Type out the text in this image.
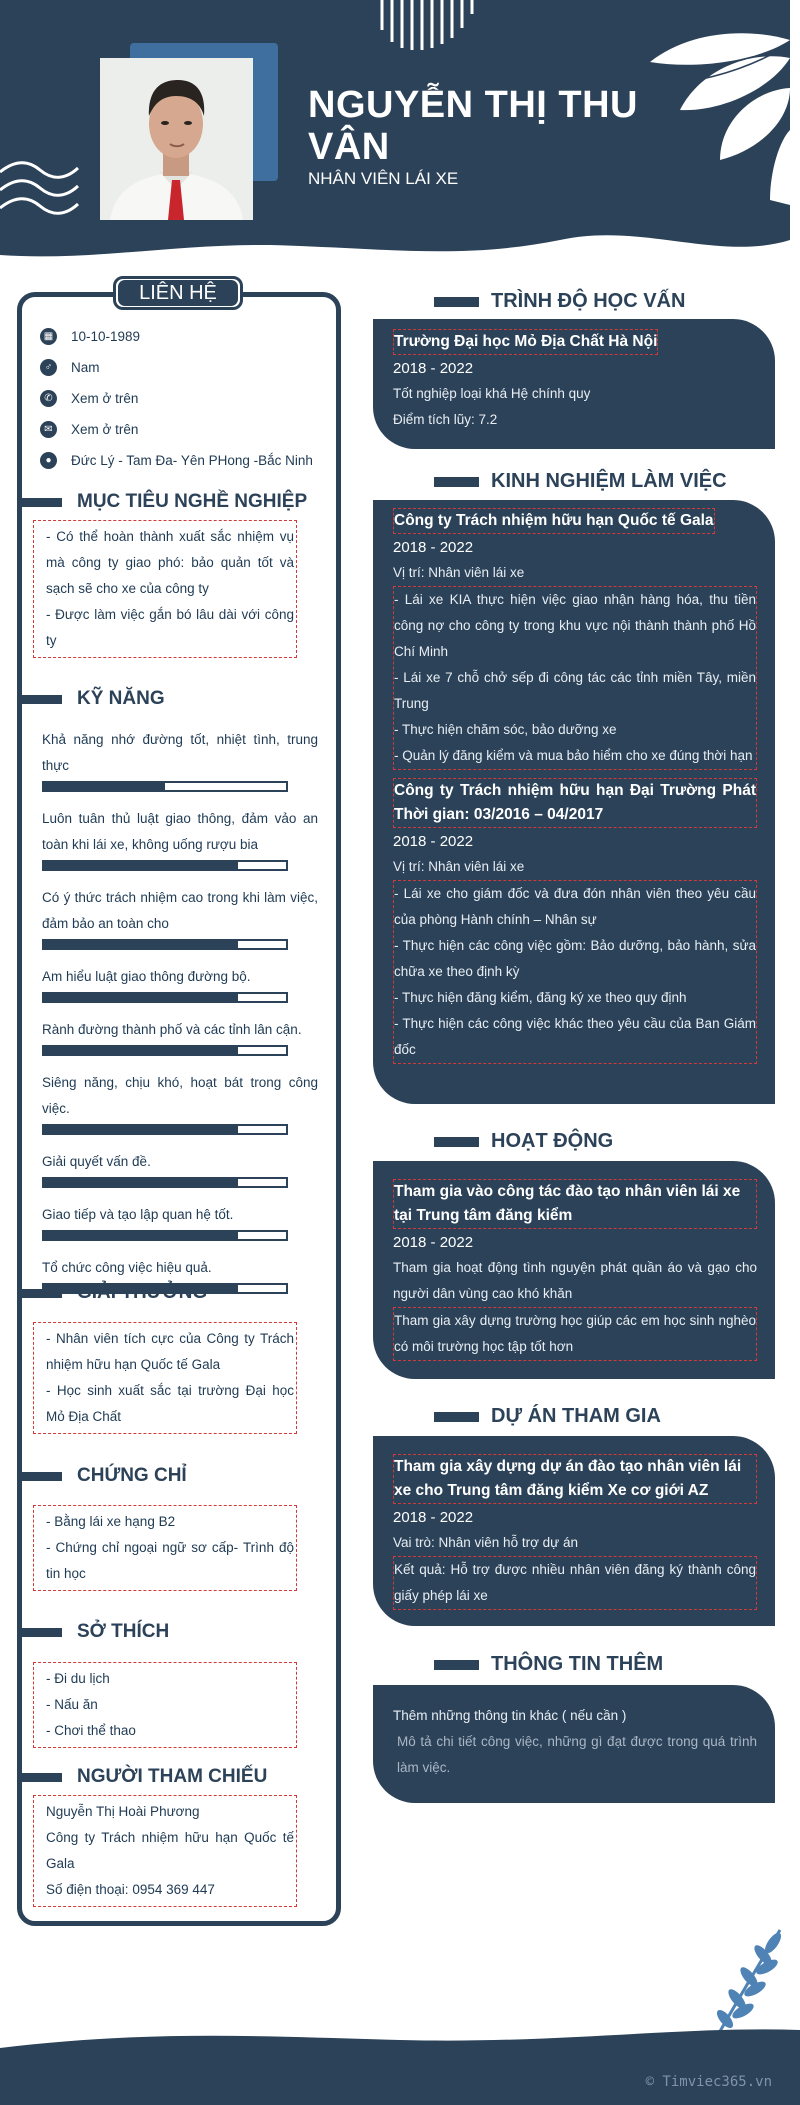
NGUYỄN THỊ THU VÂN
NHÂN VIÊN LÁI XE
LIÊN HỆ
▦ 10-10-1989
♂	Nam
✆	Xem ở trên
✉	Xem ở trên
●	Đức Lý - Tam Đa- Yên PHong -Bắc Ninh
MỤC TIÊU NGHỀ NGHIỆP
- Có thể hoàn thành xuất sắc nhiệm vụ mà công ty giao phó: bảo quản tốt và sạch sẽ cho xe của công ty
- Được làm việc gắn bó lâu dài với công ty
KỸ NĂNG
Khả năng nhớ đường tốt, nhiệt tình, trung thực
Luôn tuân thủ luật giao thông, đảm vảo an toàn khi lái xe, không uống rượu bia
Có ý thức trách nhiệm cao trong khi làm việc, đảm bảo an toàn cho
Am hiểu luật giao thông đường bộ.
Rành đường thành phố và các tỉnh lân cận.
Siêng năng, chịu khó, hoạt bát trong công việc.
Giải quyết vấn đề.
Giao tiếp và tạo lập quan hệ tốt.
Tổ chức công việc hiệu quả.
GIẢI THƯỞNG
- Nhân viên tích cực của Công ty Trách nhiệm hữu hạn Quốc tế Gala
- Học sinh xuất sắc tại trường Đại học Mỏ Địa Chất
CHỨNG CHỈ
- Bằng lái xe hạng B2
- Chứng chỉ ngoại ngữ sơ cấp- Trình độ tin học
SỞ THÍCH
- Đi du lịch
- Nấu ăn
- Chơi thể thao
NGƯỜI THAM CHIẾU
Nguyễn Thị Hoài Phương
Công ty Trách nhiệm hữu hạn Quốc tế Gala
Số điện thoại: 0954 369 447
TRÌNH ĐỘ HỌC VẤN
Trường Đại học Mỏ Địa Chất Hà Nội
2018 - 2022
Tốt nghiệp loại khá Hệ chính quy
Điểm tích lũy: 7.2
KINH NGHIỆM LÀM VIỆC
Công ty Trách nhiệm hữu hạn Quốc tế Gala
2018 - 2022
Vị trí: Nhân viên lái xe
- Lái xe KIA thực hiện việc giao nhận hàng hóa, thu tiền công nợ cho công ty trong khu vực nội thành thành phố Hồ Chí Minh
- Lái xe 7 chỗ chở sếp đi công tác các tỉnh miền Tây, miền Trung
- Thực hiện chăm sóc, bảo dưỡng xe
- Quản lý đăng kiểm và mua bảo hiểm cho xe đúng thời hạn
Công ty Trách nhiệm hữu hạn Đại Trường Phát Thời gian: 03/2016 – 04/2017
2018 - 2022
Vị trí: Nhân viên lái xe
- Lái xe cho giám đốc và đưa đón nhân viên theo yêu cầu của phòng Hành chính – Nhân sự
- Thực hiện các công việc gồm: Bảo dưỡng, bảo hành, sửa chữa xe theo định kỳ
- Thực hiện đăng kiểm, đăng ký xe theo quy định
- Thực hiện các công việc khác theo yêu cầu của Ban Giám đốc
HOẠT ĐỘNG
Tham gia vào công tác đào tạo nhân viên lái xe tại Trung tâm đăng kiểm
2018 - 2022
Tham gia hoạt động tình nguyện phát quần áo và gạo cho người dân vùng cao khó khăn
Tham gia xây dựng trường học giúp các em học sinh nghèo có môi trường học tập tốt hơn
DỰ ÁN THAM GIA
Tham gia xây dựng dự án đào tạo nhân viên lái xe cho Trung tâm đăng kiểm Xe cơ giới AZ
2018 - 2022
Vai trò: Nhân viên hỗ trợ dự án
Kết quả: Hỗ trợ được nhiều nhân viên đăng ký thành công giấy phép lái xe
THÔNG TIN THÊM
Thêm những thông tin khác ( nếu cần )
Mô tả chi tiết công việc, những gì đạt được trong quá trình làm việc.
© Timviec365.vn
